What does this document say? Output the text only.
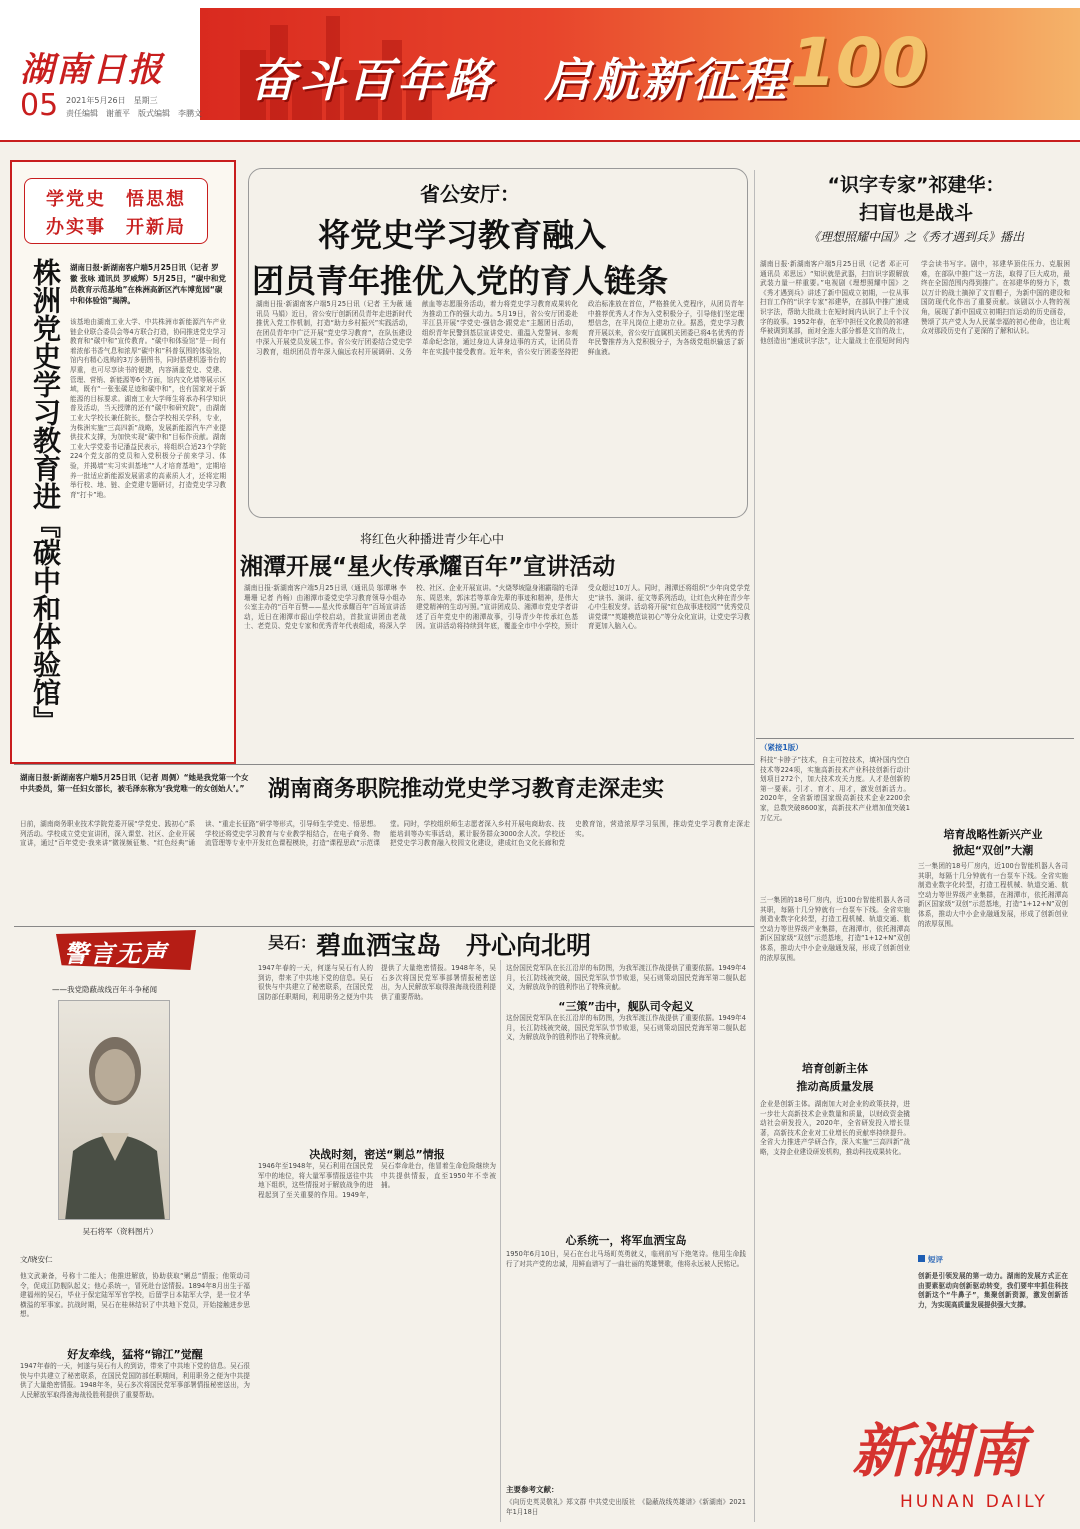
湖南日报
05 2021年5月26日　星期三
责任编辑　谢董平　版式编辑　李鹏文
奋斗百年路　启航新征程 100
学党史　悟思想
办实事　开新局
株洲党史学习教育进『碳中和体验馆』 湖南日报·新湖南客户端5月25日讯（记者 罗徽 张咏 通讯员 罗威辉）5月25日，“碳中和党员教育示范基地”在株洲高新区汽车博览园“碳中和体验馆”揭牌。
该基地由湖南工业大学、中共株洲市新能源汽车产业链企业联合委员会等4方联合打造，协同推进党史学习教育和“碳中和”宣传教育。“碳中和体验馆”是一间有着浓郁书香气息和浓厚“碳中和”科普氛围的体验馆，馆内有精心选购的3万多册图书，同时搭建机器书台的厚重，也可尽享读书的便捷，内容涵盖党史、党建、管理、营销、新能源等6个方面，馆内文化墙等展示区域，既有“一张张碳足迹和碳中和”，也有国家对于新能源的目标要求。湖南工业大学师生将承办科学知识普及活动，当天授牌的还有“碳中和研究院”，由湖南工业大学校长兼任院长，整合学校相关学科，专业，为株洲实施“三高四新”战略，发展新能源汽车产业提供技术支撑，为加快实现“碳中和”目标作贡献。湖南工业大学党委书记潘益民表示，将组织合适23个学院224个党支部的党员和入党积极分子前来学习、体验，并揭墙“实习实训基地”“人才培育基地”，定期培养一批适应新能源发展需求的高素质人才，还将定期举行校、地、链、企党建专题研讨，打造党史学习教育“打卡”地。
省公安厅：
将党史学习教育融入
团员青年推优入党的育人链条
湖南日报·新湖南客户端5月25日讯（记者 王为薇 通讯员 马娟）近日，省公安厅创新团员青年走进新时代推优入党工作机制，打造“助力乡村振兴”实践活动，在团员青年中广泛开展“党史学习教育”，在队伍建设中深入开展党员发展工作。省公安厅团委结合党史学习教育，组织团员青年深入偏远农村开展调研、义务献血等志愿服务活动，着力将党史学习教育成果转化为推动工作的强大动力。5月19日，省公安厅团委赴平江县开展“学党史·强信念·跟党走”主题团日活动，组织青年民警到基层宣讲党史、重温入党誓词、参观革命纪念馆，通过身边人讲身边事的方式，让团员青年在实践中接受教育。近年来，省公安厅团委坚持把政治标准放在首位，严格推优入党程序，从团员青年中推荐优秀人才作为入党积极分子，引导他们坚定理想信念，在平凡岗位上建功立业。据悉，党史学习教育开展以来，省公安厅直属机关团委已将4名优秀的青年民警推荐为入党积极分子，为各级党组织输送了新鲜血液。
将红色火种播进青少年心中
湘潭开展“星火传承耀百年”宣讲活动
湖南日报·新湖南客户端5月25日讯（通讯员 邬谭琳 李珊珊 记者 肖畅）由湘潭市委党史学习教育领导小组办公室主办的“百年百赞——星火传承耀百年”百场宣讲活动，近日在湘潭市韶山学校启动，首批宣讲团由老战士、老党员、党史专家和优秀青年代表组成，将深入学校、社区、企业开展宣讲。“火烧琴坡隐身湘霸瑞的毛泽东、周恩来，郭沫若等革命先辈的事迹和精神，是伟大建党精神的生动写照。”宣讲团成员、湘潭市党史学者讲述了百年党史中的湘潭故事，引导青少年传承红色基因。宣讲活动将持续到年底，覆盖全市中小学校，预计受众超过10万人。同时，湘潭还将组织“少年向党学党史”读书、演讲、征文等系列活动，让红色火种在青少年心中生根发芽。活动将开展“红色故事进校园”“优秀党员讲党课”“英雄模范谈初心”等分众化宣讲，让党史学习教育更加入脑入心。
湖南日报·新湖南客户端5月25日讯（记者 周倜）“她是我党第一个女中共委员，第一任妇女部长，被毛泽东称为‘我党唯一的女创始人’。”	湖南商务职院推动党史学习教育走深走实
日前，湖南商务职业技术学院党委开展“学党史、践初心”系列活动。学校成立党史宣讲团，深入课堂、社区、企业开展宣讲，通过“百年党史·我来讲”微视频征集、“红色经典”诵读、“重走长征路”研学等形式，引导师生学党史、悟思想。学校还将党史学习教育与专业教学相结合，在电子商务、物流管理等专业中开发红色课程模块，打造“课程思政”示范课堂。同时，学校组织师生志愿者深入乡村开展电商助农、技能培训等办实事活动，累计服务群众3000余人次。学校还把党史学习教育融入校园文化建设，建成红色文化长廊和党史教育馆，营造浓厚学习氛围，推动党史学习教育走深走实。
“识字专家”祁建华：
扫盲也是战斗
《理想照耀中国》之《秀才遇到兵》播出
湖南日报·新湖南客户端5月25日讯（记者 邓正可 通讯员 邓思远）“知识就是武器，扫盲识字跟解放武装力量一样重要。”电视剧《理想照耀中国》之《秀才遇到兵》讲述了新中国成立初期，一位从事扫盲工作的“识字专家”祁建华，在部队中推广速成识字法，帮助大批战士在短时间内认识了上千个汉字的故事。1952年春，在军中担任文化教员的祁建华被调到某部，面对全连大部分都是文盲的战士，他创造出“速成识字法”，让大量战士在很短时间内学会读书写字。剧中，祁建华顶住压力、克服困难，在部队中推广这一方法，取得了巨大成功，最终在全国范围内得到推广。在祁建华的努力下，数以万计的战士摘掉了文盲帽子，为新中国的建设和国防现代化作出了重要贡献。该剧以小人物的视角，展现了新中国成立初期扫盲运动的历史画卷，赞颂了共产党人为人民谋幸福的初心使命，也让观众对那段历史有了更深的了解和认识。
（紧接1版）
科技“卡脖子”技术，自主可控技术，填补国内空白技术等224项，实施高新技术产业科技创新行动计划项目272个，加大技术攻关力度。人才是创新的第一要素。引才、育才、用才，激发创新活力。2020年，全省新增国家级高新技术企业2200余家，总数突破8600家，高新技术产业增加值突破1万亿元。
培育创新主体
推动高质量发展
三一集团的18号厂房内，近100台智能机器人各司其职，每隔十几分钟就有一台泵车下线。全省实施制造业数字化转型，打造工程机械、轨道交通、航空动力等世界级产业集群，在湘潭市，依托湘潭高新区国家级“双创”示范基地，打造“1+12+N”双创体系，推动大中小企业融通发展，形成了创新创业的浓厚氛围。
企业是创新主体。湖南加大对企业的政策扶持，进一步壮大高新技术企业数量和质量，以财政资金撬动社会研发投入，2020年，全省研发投入增长显著，高新技术企业对工业增长的贡献率持续提升。全省大力推进产学研合作，深入实施“三高四新”战略，支持企业建设研发机构，推动科技成果转化。
培育战略性新兴产业
掀起“双创”大潮
三一集团的18号厂房内，近100台智能机器人各司其职，每隔十几分钟就有一台泵车下线。全省实施制造业数字化转型，打造工程机械、轨道交通、航空动力等世界级产业集群，在湘潭市，依托湘潭高新区国家级“双创”示范基地，打造“1+12+N”双创体系，推动大中小企业融通发展，形成了创新创业的浓厚氛围。
短评
创新是引领发展的第一动力。湖南的发展方式正在由要素驱动向创新驱动转变，我们要牢牢抓住科技创新这个“牛鼻子”，集聚创新资源，激发创新活力，为实现高质量发展提供强大支撑。
警言无声
——我党隐蔽战线百年斗争秘闻
吴石将军（资料图片）
文/晓安仁
他文武兼备，号称十二能人；他推进解放，协助获取“剿总”情报；他策动司令，促成江防舰队起义；他心系统一，冒死赴台送情报。1894年8月出生于福建福州的吴石，毕业于保定陆军军官学校，后留学日本陆军大学，是一位才华横溢的军事家。抗战时期，吴石在桂林结识了中共地下党员，开始接触进步思想。
好友牵线，猛将“锦江”觉醒
1947年春的一天，何遂与吴石有人的到访，带来了中共地下党的信息。吴石很快与中共建立了秘密联系，在国民党国防部任职期间，利用职务之便为中共提供了大量绝密情报。1948年冬，吴石多次将国民党军事部署情报秘密送出，为人民解放军取得淮海战役胜利提供了重要帮助。
吴石： 碧血洒宝岛　丹心向北明
1947年春的一天，何遂与吴石有人的到访，带来了中共地下党的信息。吴石很快与中共建立了秘密联系，在国民党国防部任职期间，利用职务之便为中共提供了大量绝密情报。1948年冬，吴石多次将国民党军事部署情报秘密送出，为人民解放军取得淮海战役胜利提供了重要帮助。
决战时刻，密送“剿总”情报
1946年至1948年，吴石利用在国民党军中的地位，将大量军事情报送往中共地下组织，这些情报对于解放战争的进程起到了至关重要的作用。1949年，吴石奉命赴台，他冒着生命危险继续为中共提供情报，直至1950年不幸被捕。
这份国民党军队在长江沿岸的布防图，为我军渡江作战提供了重要依据。1949年4月，长江防线被突破，国民党军队节节败退，吴石则策动国民党海军第二舰队起义，为解放战争的胜利作出了特殊贡献。
“三策”击中，舰队司令起义
这份国民党军队在长江沿岸的布防图，为我军渡江作战提供了重要依据。1949年4月，长江防线被突破，国民党军队节节败退，吴石则策动国民党海军第二舰队起义，为解放战争的胜利作出了特殊贡献。
心系统一，将军血洒宝岛
1950年6月10日，吴石在台北马场町英勇就义，临刑前写下绝笔诗。他用生命践行了对共产党的忠诚，用鲜血谱写了一曲壮丽的英雄赞歌，他将永远被人民铭记。
主要参考文献：
《向历史英灵敬礼》郑文群 中共党史出版社　《隐蔽战线英雄谱》《新湖南》2021年1月18日
新湖南
HUNAN DAILY
